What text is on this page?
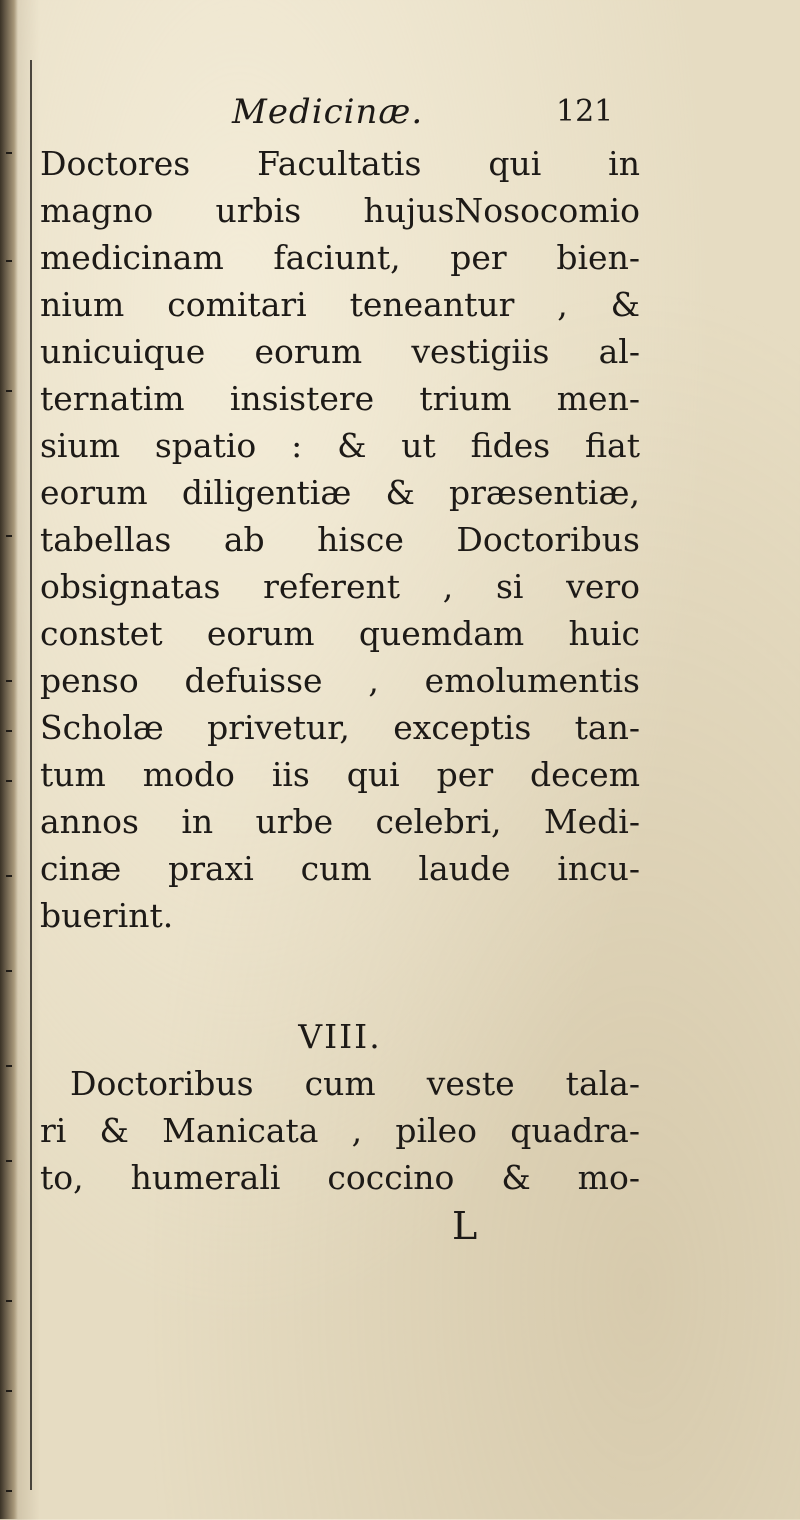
Medicinæ.	121
Doctores Facultatis qui in
magno urbis hujusNosocomio
medicinam faciunt, per bien-
nium comitari teneantur , &
unicuique eorum vestigiis al-
ternatim insistere trium men-
sium spatio : & ut fides fiat
eorum diligentiæ & præsentiæ,
tabellas ab hisce Doctoribus
obsignatas referent , si vero
constet eorum quemdam huic
penso defuisse , emolumentis
Scholæ privetur, exceptis tan-
tum modo iis qui per decem
annos in urbe celebri, Medi-
cinæ praxi cum laude incu-
buerint.
VIII.
Doctoribus cum veste tala-
ri & Manicata , pileo quadra-
to, humerali coccino & mo-
L
